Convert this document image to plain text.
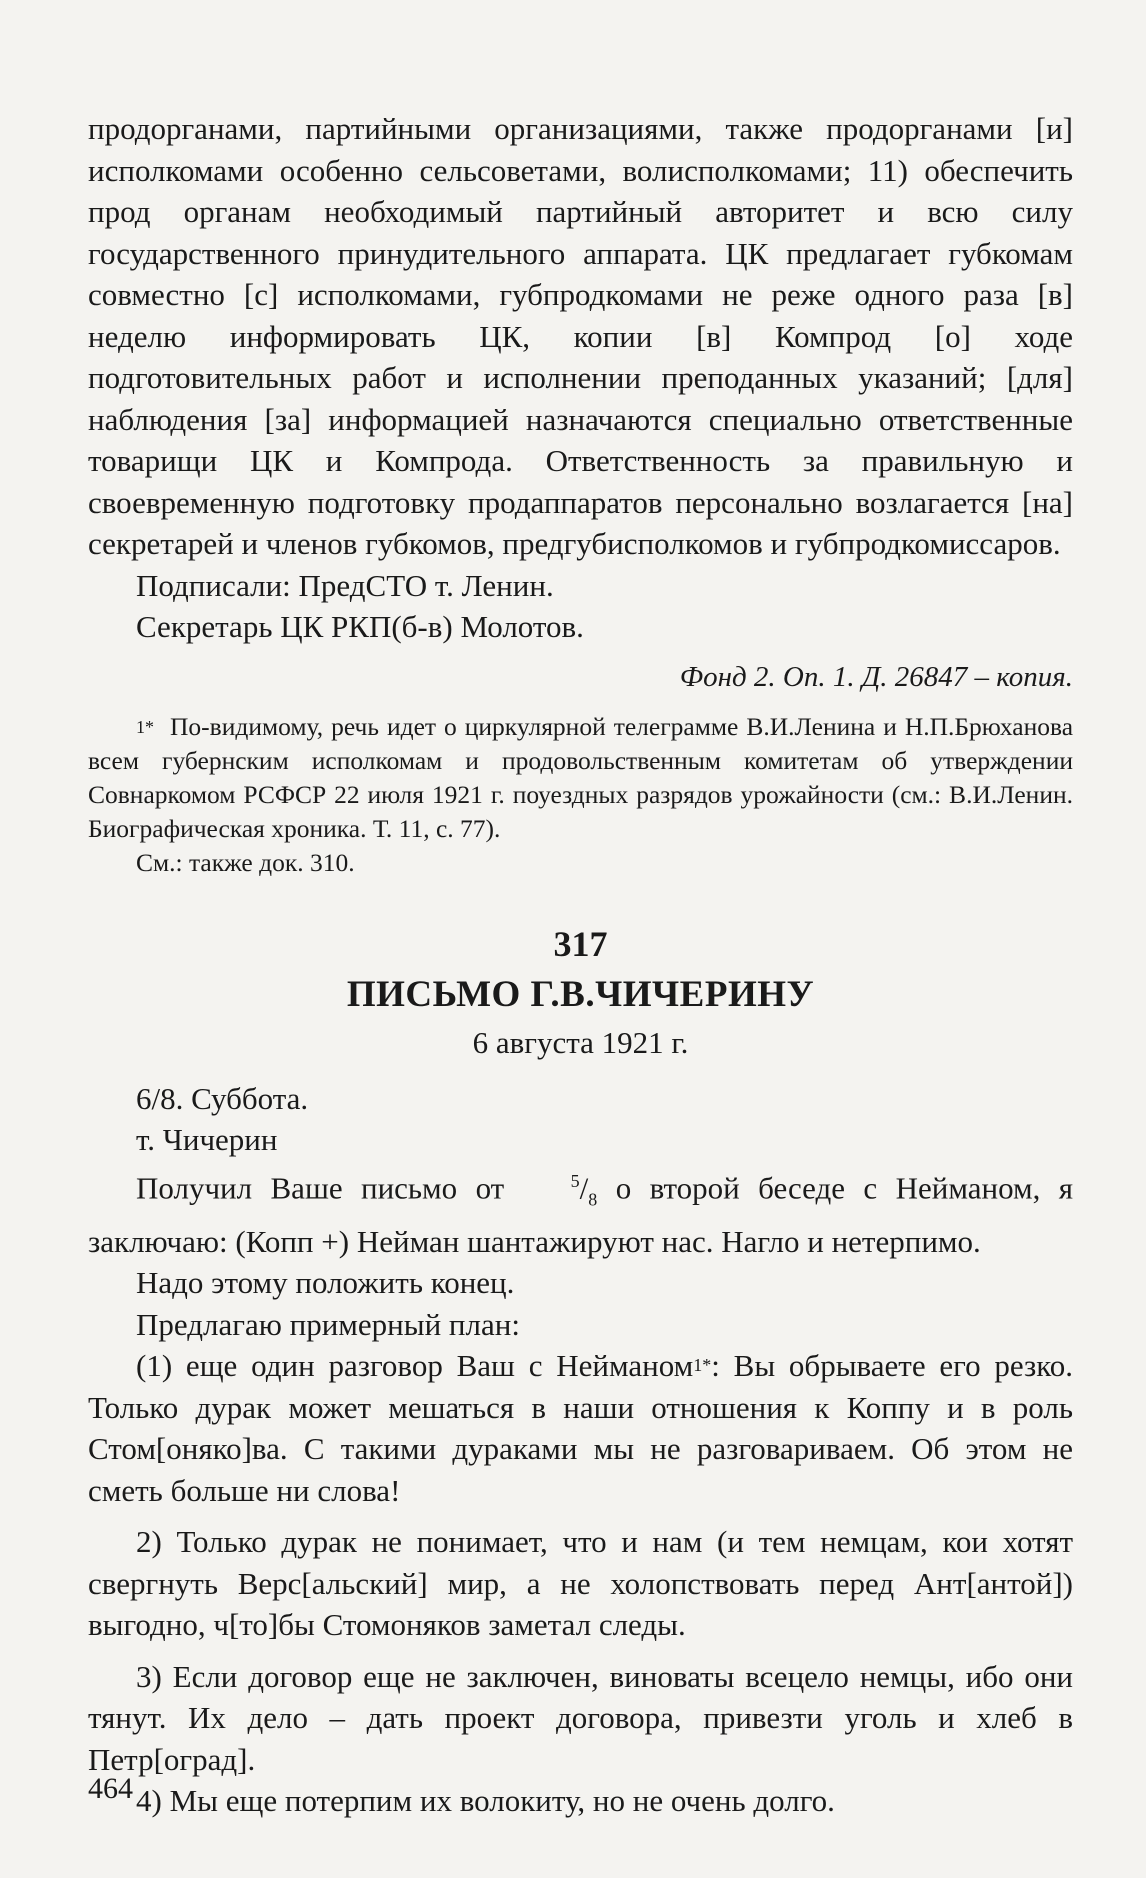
продорганами, партийными организациями, также продорганами [и] исполкомами особенно сельсоветами, волисполкомами; 11) обеспечить прод органам необходимый партийный авторитет и всю силу государственного принудительного аппарата. ЦК предлагает губкомам совместно [с] исполкомами, губпродкомами не реже одного раза [в] неделю информировать ЦК, копии [в] Компрод [о] ходе подготовительных работ и исполнении преподанных указаний; [для] наблюдения [за] информацией назначаются специально ответственные товарищи ЦК и Компрода. Ответственность за правильную и своевременную подготовку продаппаратов персонально возлагается [на] секретарей и членов губкомов, предгубисполкомов и губпродкомиссаров.

Подписали: ПредСТО т. Ленин.

Секретарь ЦК РКП(б-в) Молотов.

Фонд 2. Оп. 1. Д. 26847 – копия.

$^{1*}$ По-видимому, речь идет о циркулярной телеграмме В.И.Ленина и Н.П.Брюханова всем губернским исполкомам и продовольственным комитетам об утверждении Совнаркомом РСФСР 22 июля 1921 г. поуездных разрядов урожайности (см.: В.И.Ленин. Биографическая хроника. Т. 11, с. 77).

См.: также док. 310.

317
ПИСЬМО Г.В.ЧИЧЕРИНУ
6 августа 1921 г.

6/8. Суббота.

т. Чичерин

Получил Ваше письмо от	$^5/_8$ о второй беседе с Нейманом, я заключаю: (Копп +) Нейман шантажируют нас. Нагло и нетерпимо.

Надо этому положить конец.

Предлагаю примерный план:

(1) еще один разговор Ваш с Нейманом$^{1*}$: Вы обрываете его резко. Только дурак может мешаться в наши отношения к Коппу и в роль Стом[оняко]ва. С такими дураками мы не разговариваем. Об этом не сметь больше ни слова!

2) Только дурак не понимает, что и нам (и тем немцам, кои хотят свергнуть Верс[альский] мир, а не холопствовать перед Ант[антой]) выгодно, ч[то]бы Стомоняков заметал следы.

3) Если договор еще не заключен, виноваты всецело немцы, ибо они тянут. Их дело – дать проект договора, привезти уголь и хлеб в Петр[оград].

4) Мы еще потерпим их волокиту, но не очень долго.

464
